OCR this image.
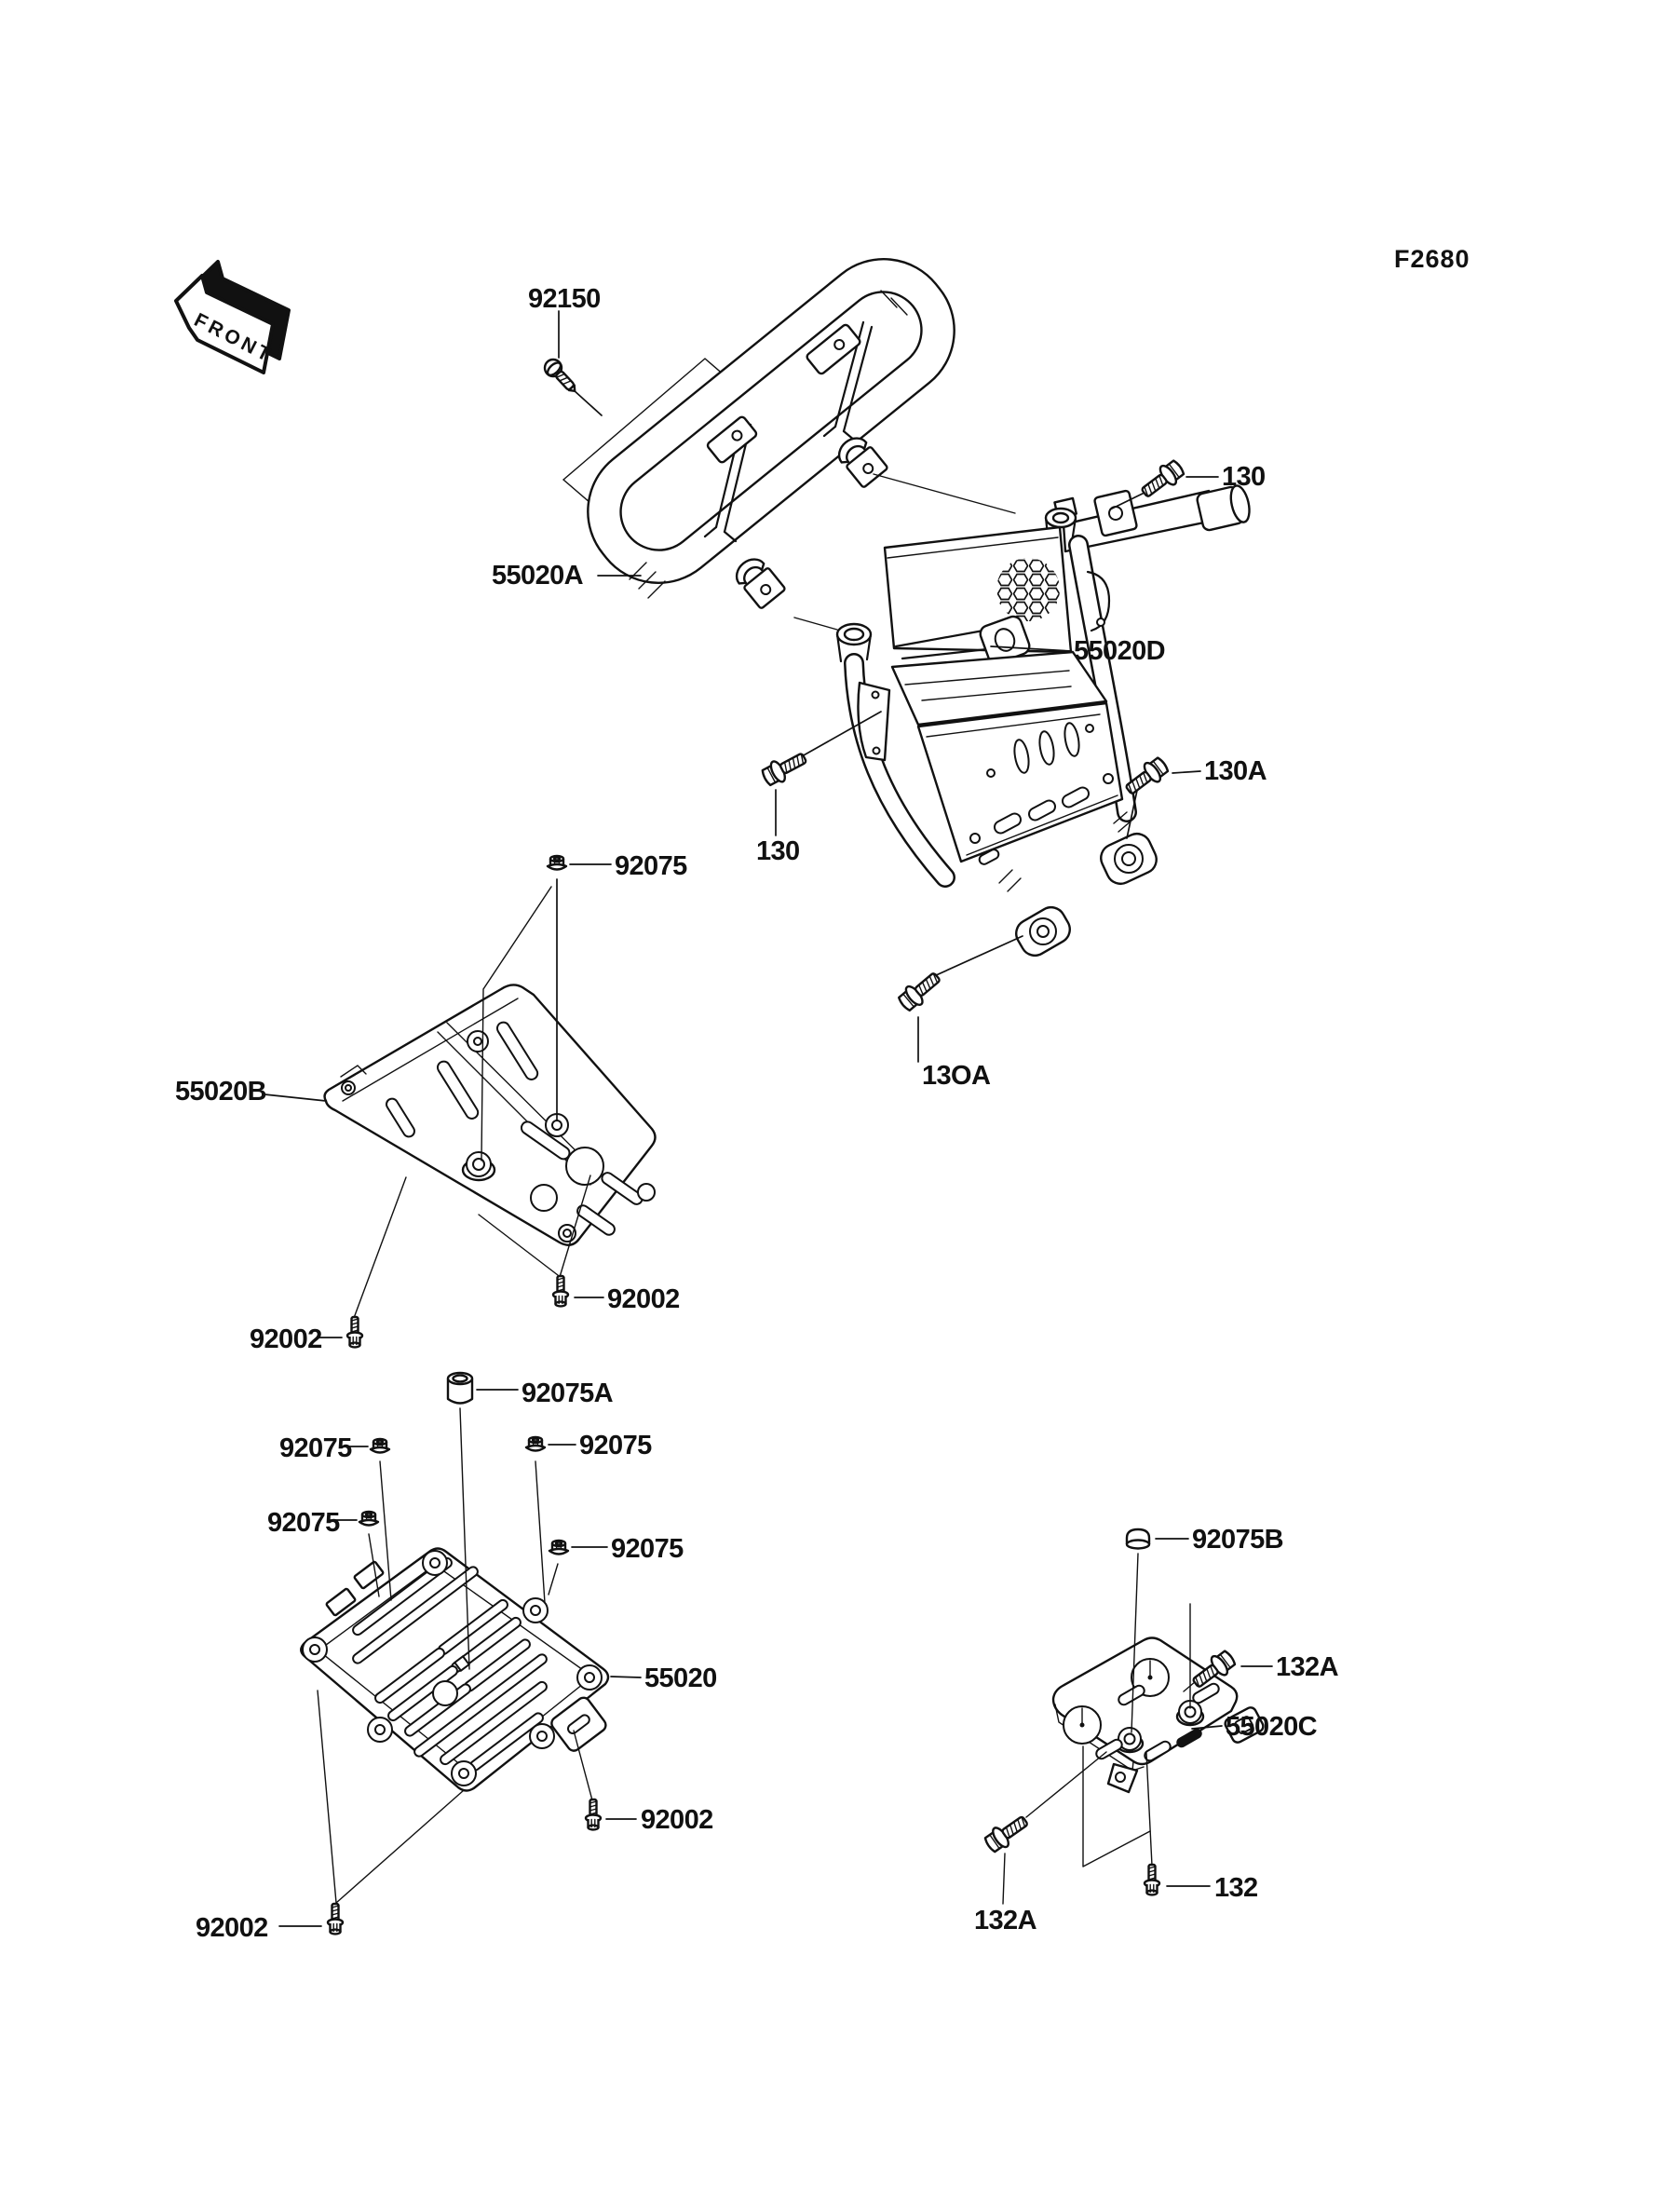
FRONT
F2680
92150
130
55020A
55020D
130
130A
92075
13OA
55020B
92002
92002
92075A
92075	92075
92075
92075
55020
92002
92075B
132A
55020C
132
92002	132A
